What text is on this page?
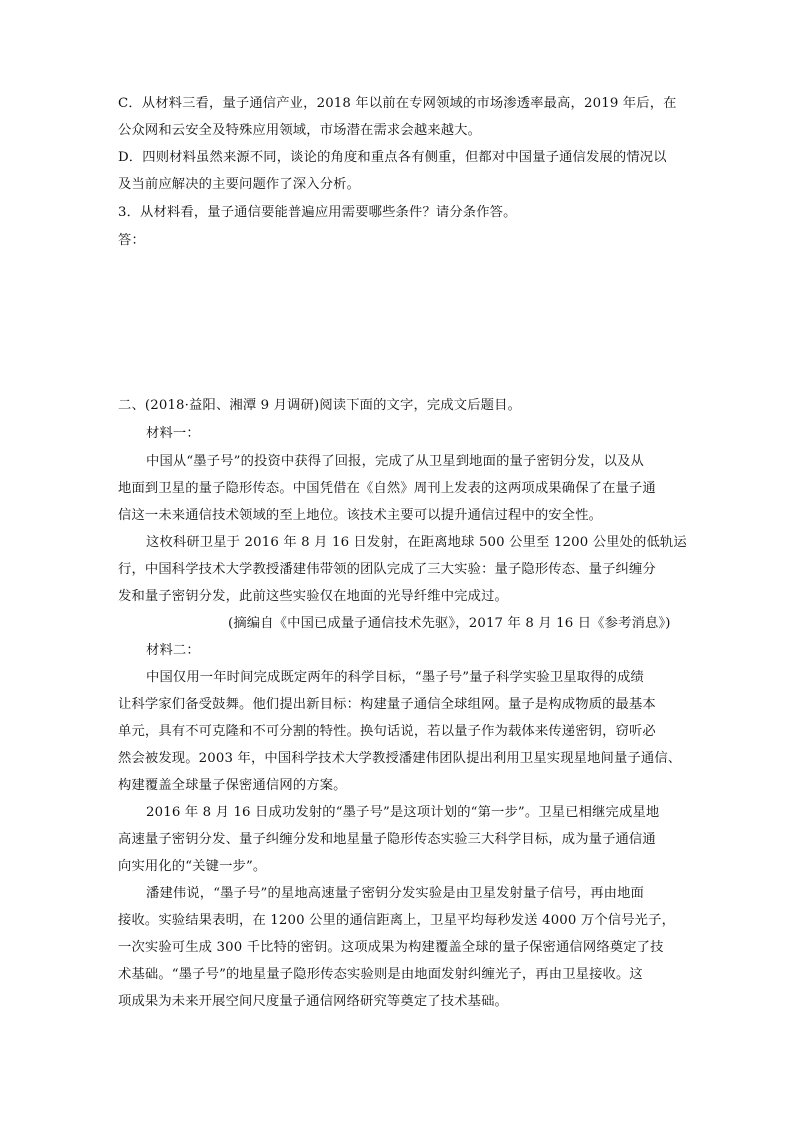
C．从材料三看，量子通信产业，2018 年以前在专网领域的市场渗透率最高，2019 年后，在
公众网和云安全及特殊应用领域，市场潜在需求会越来越大。
D．四则材料虽然来源不同，谈论的角度和重点各有侧重，但都对中国量子通信发展的情况以
及当前应解决的主要问题作了深入分析。
3．从材料看，量子通信要能普遍应用需要哪些条件？请分条作答。
答：
二、(2018·益阳、湘潭 9 月调研)阅读下面的文字，完成文后题目。
材料一：
中国从“墨子号”的投资中获得了回报，完成了从卫星到地面的量子密钥分发，以及从
地面到卫星的量子隐形传态。中国凭借在《自然》周刊上发表的这两项成果确保了在量子通
信这一未来通信技术领域的至上地位。该技术主要可以提升通信过程中的安全性。
这枚科研卫星于 2016 年 8 月 16 日发射，在距离地球 500 公里至 1200 公里处的低轨运
行，中国科学技术大学教授潘建伟带领的团队完成了三大实验：量子隐形传态、量子纠缠分
发和量子密钥分发，此前这些实验仅在地面的光导纤维中完成过。
(摘编自《中国已成量子通信技术先驱》，2017 年 8 月 16 日《参考消息》)
材料二：
中国仅用一年时间完成既定两年的科学目标，“墨子号”量子科学实验卫星取得的成绩
让科学家们备受鼓舞。他们提出新目标：构建量子通信全球组网。量子是构成物质的最基本
单元，具有不可克隆和不可分割的特性。换句话说，若以量子作为载体来传递密钥，窃听必
然会被发现。2003 年，中国科学技术大学教授潘建伟团队提出利用卫星实现星地间量子通信、
构建覆盖全球量子保密通信网的方案。
2016 年 8 月 16 日成功发射的“墨子号”是这项计划的“第一步”。卫星已相继完成星地
高速量子密钥分发、量子纠缠分发和地星量子隐形传态实验三大科学目标，成为量子通信通
向实用化的“关键一步”。
潘建伟说，“墨子号”的星地高速量子密钥分发实验是由卫星发射量子信号，再由地面
接收。实验结果表明，在 1200 公里的通信距离上，卫星平均每秒发送 4000 万个信号光子，
一次实验可生成 300 千比特的密钥。这项成果为构建覆盖全球的量子保密通信网络奠定了技
术基础。“墨子号”的地星量子隐形传态实验则是由地面发射纠缠光子，再由卫星接收。这
项成果为未来开展空间尺度量子通信网络研究等奠定了技术基础。
